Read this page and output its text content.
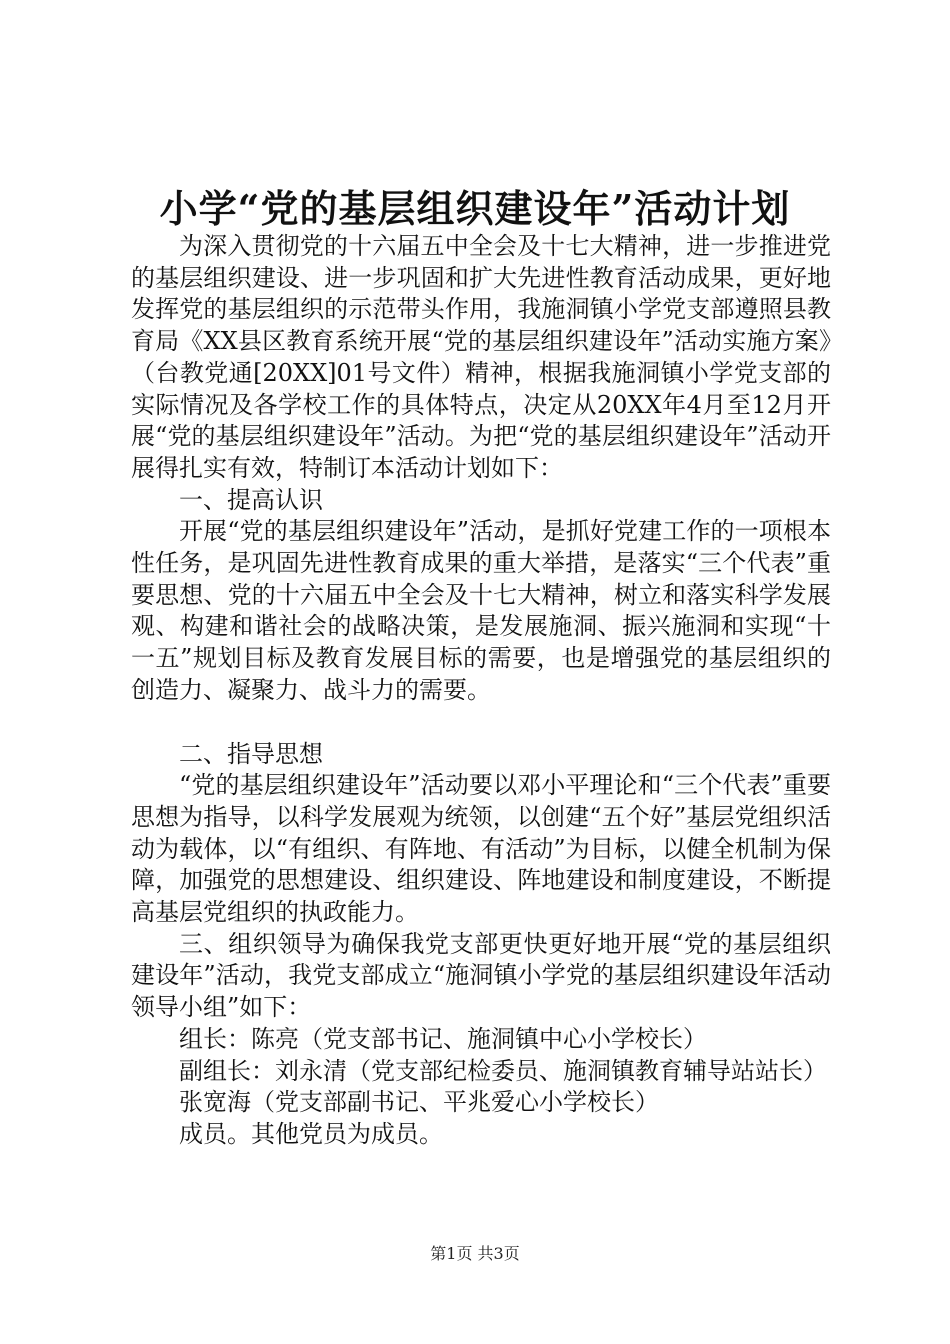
小学“党的基层组织建设年”活动计划

为深入贯彻党的十六届五中全会及十七大精神，进一步推进党的基层组织建设、进一步巩固和扩大先进性教育活动成果，更好地发挥党的基层组织的示范带头作用，我施洞镇小学党支部遵照县教育局《XX县区教育系统开展“党的基层组织建设年”活动实施方案》（台教党通[20XX]01号文件）精神，根据我施洞镇小学党支部的实际情况及各学校工作的具体特点，决定从20XX年4月至12月开展“党的基层组织建设年”活动。为把“党的基层组织建设年”活动开展得扎实有效，特制订本活动计划如下：

一、提高认识

开展“党的基层组织建设年”活动，是抓好党建工作的一项根本性任务，是巩固先进性教育成果的重大举措，是落实“三个代表”重要思想、党的十六届五中全会及十七大精神，树立和落实科学发展观、构建和谐社会的战略决策，是发展施洞、振兴施洞和实现“十一五”规划目标及教育发展目标的需要，也是增强党的基层组织的创造力、凝聚力、战斗力的需要。

二、指导思想

“党的基层组织建设年”活动要以邓小平理论和“三个代表”重要思想为指导，以科学发展观为统领，以创建“五个好”基层党组织活动为载体，以“有组织、有阵地、有活动”为目标，以健全机制为保障，加强党的思想建设、组织建设、阵地建设和制度建设，不断提高基层党组织的执政能力。

三、组织领导为确保我党支部更快更好地开展“党的基层组织建设年”活动，我党支部成立“施洞镇小学党的基层组织建设年活动领导小组”如下：

组长：陈亮（党支部书记、施洞镇中心小学校长）

副组长：刘永清（党支部纪检委员、施洞镇教育辅导站站长）

张宽海（党支部副书记、平兆爱心小学校长）

成员。其他党员为成员。

第1页 共3页
